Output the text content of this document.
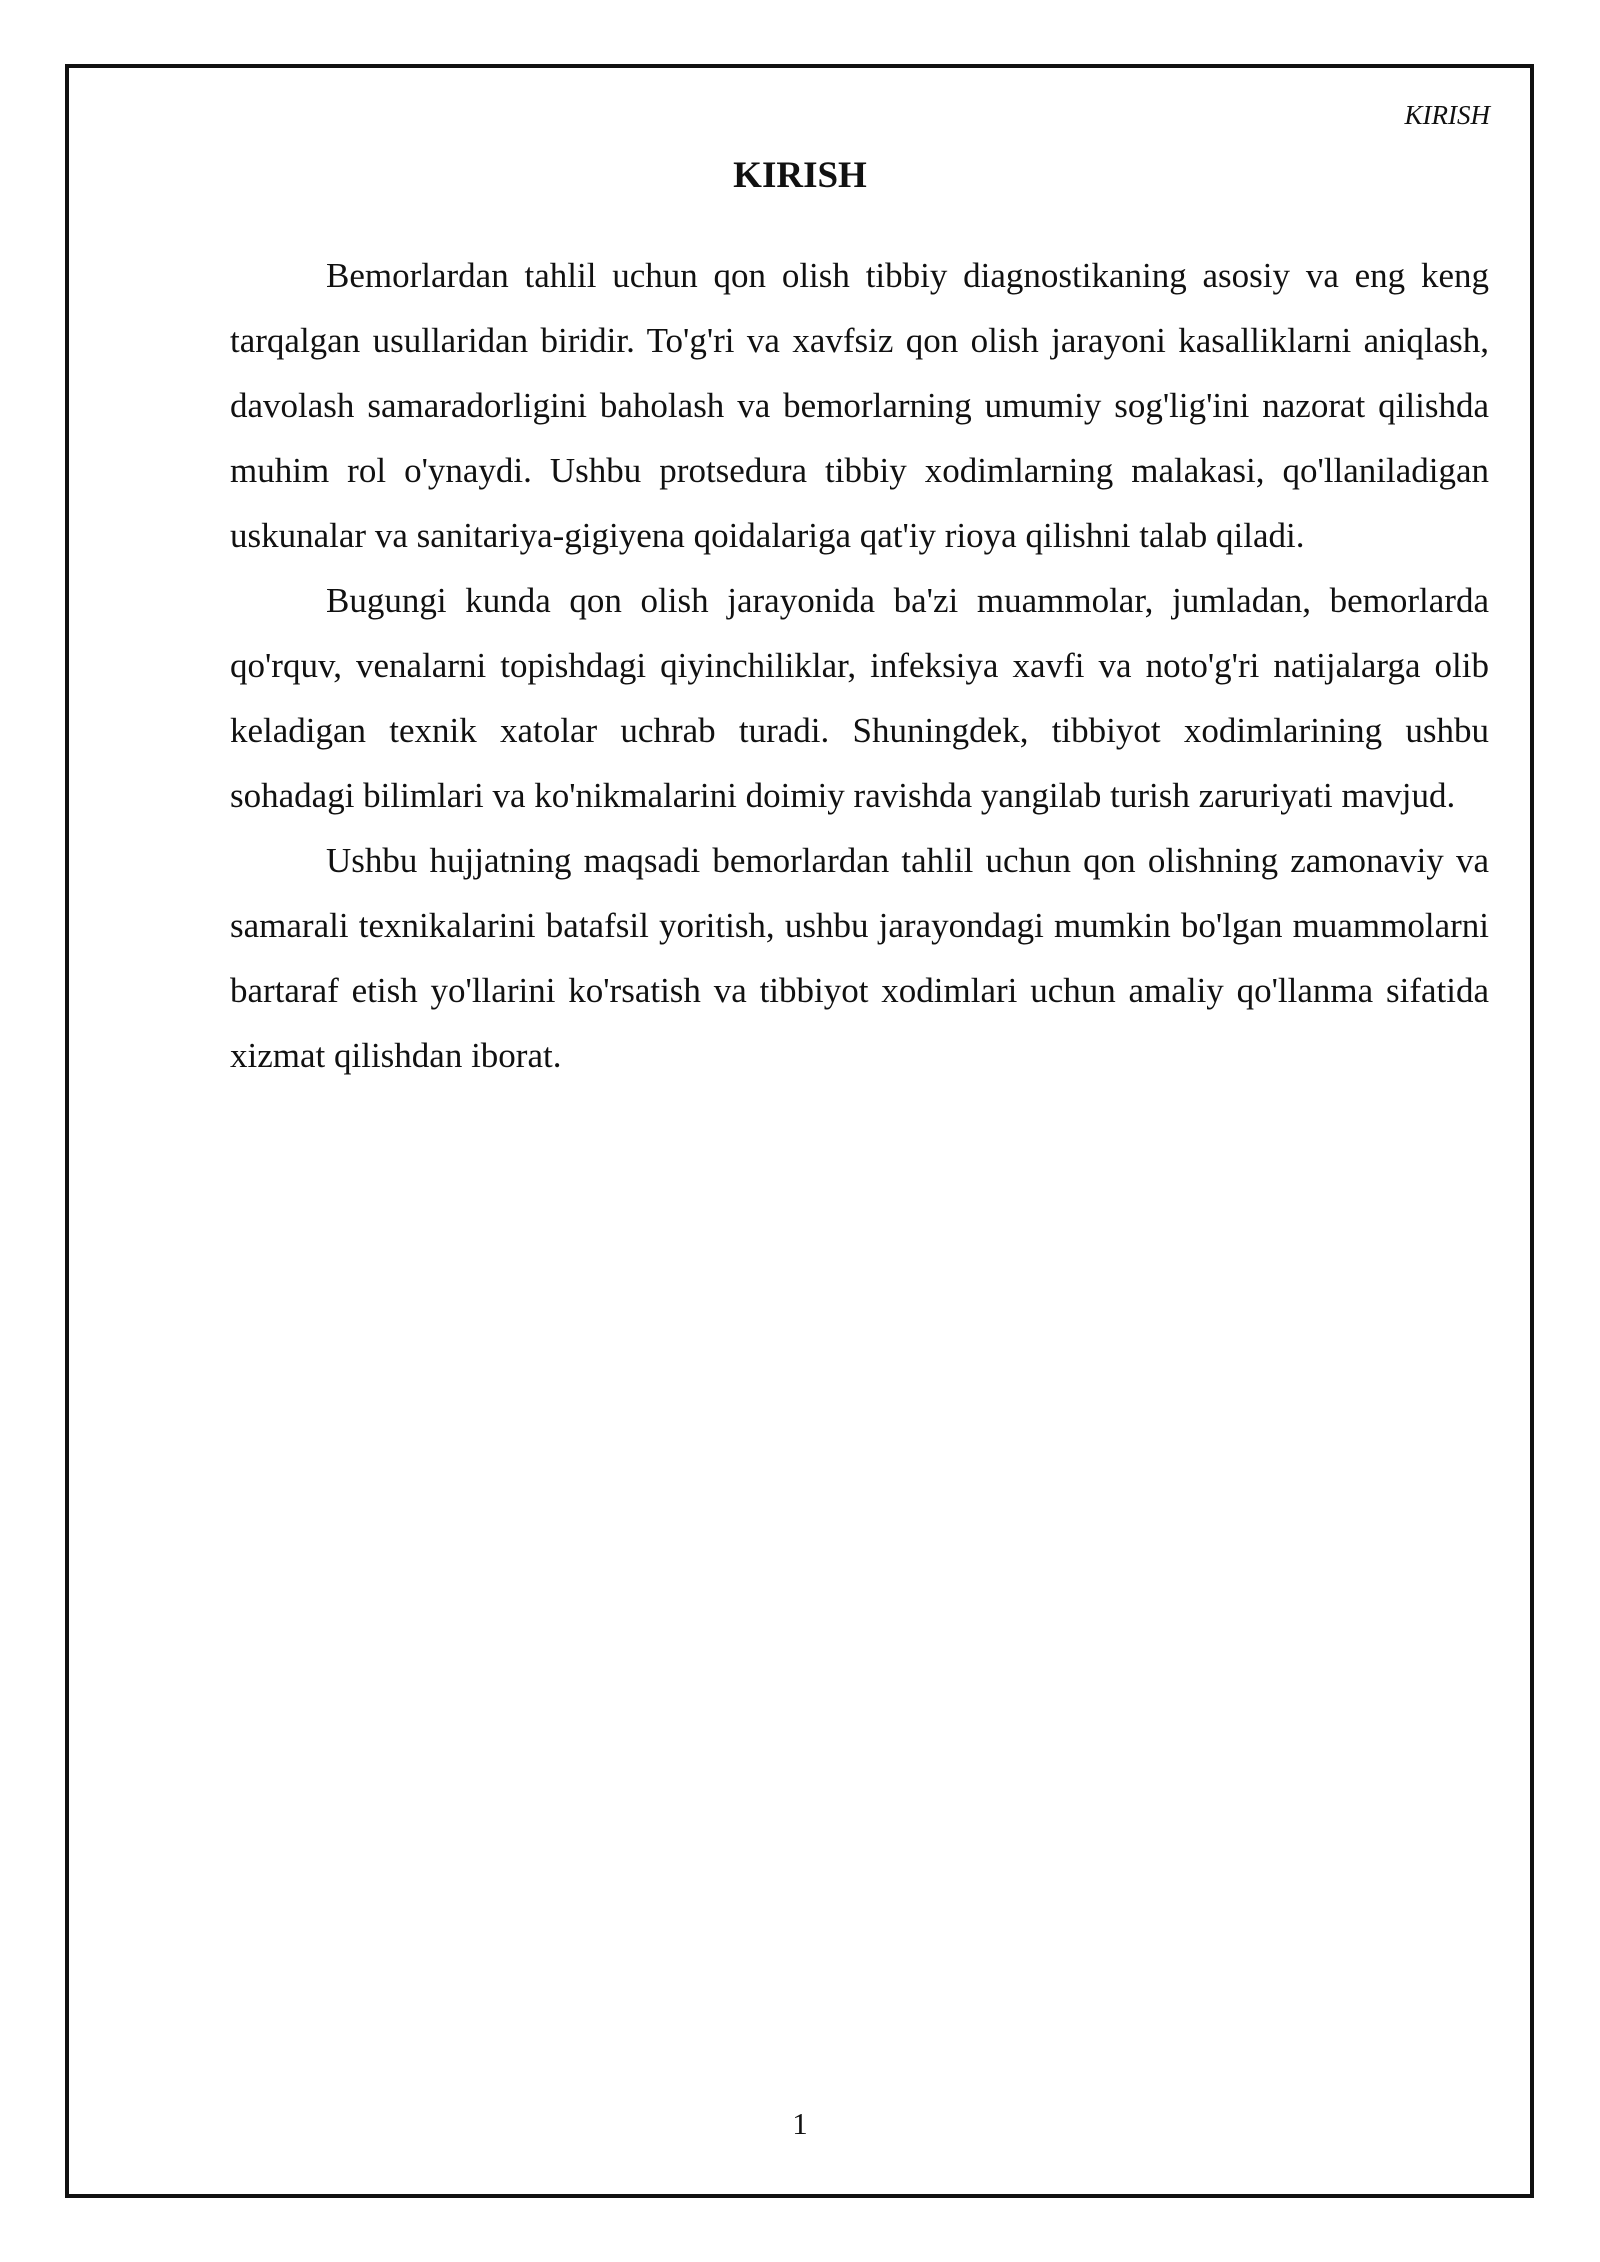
KIRISH
KIRISH

Bemorlardan tahlil uchun qon olish tibbiy diagnostikaning asosiy va eng keng tarqalgan usullaridan biridir. To'g'ri va xavfsiz qon olish jarayoni kasalliklarni aniqlash, davolash samaradorligini baholash va bemorlarning umumiy sog'lig'ini nazorat qilishda muhim rol o'ynaydi. Ushbu protsedura tibbiy xodimlarning malakasi, qo'llaniladigan uskunalar va sanitariya-gigiyena qoidalariga qat'iy rioya qilishni talab qiladi.

Bugungi kunda qon olish jarayonida ba'zi muammolar, jumladan, bemorlarda qo'rquv, venalarni topishdagi qiyinchiliklar, infeksiya xavfi va noto'g'ri natijalarga olib keladigan texnik xatolar uchrab turadi. Shuningdek, tibbiyot xodimlarining ushbu sohadagi bilimlari va ko'nikmalarini doimiy ravishda yangilab turish zaruriyati mavjud.

Ushbu hujjatning maqsadi bemorlardan tahlil uchun qon olishning zamonaviy va samarali texnikalarini batafsil yoritish, ushbu jarayondagi mumkin bo'lgan muammolarni bartaraf etish yo'llarini ko'rsatish va tibbiyot xodimlari uchun amaliy qo'llanma sifatida xizmat qilishdan iborat.

1
